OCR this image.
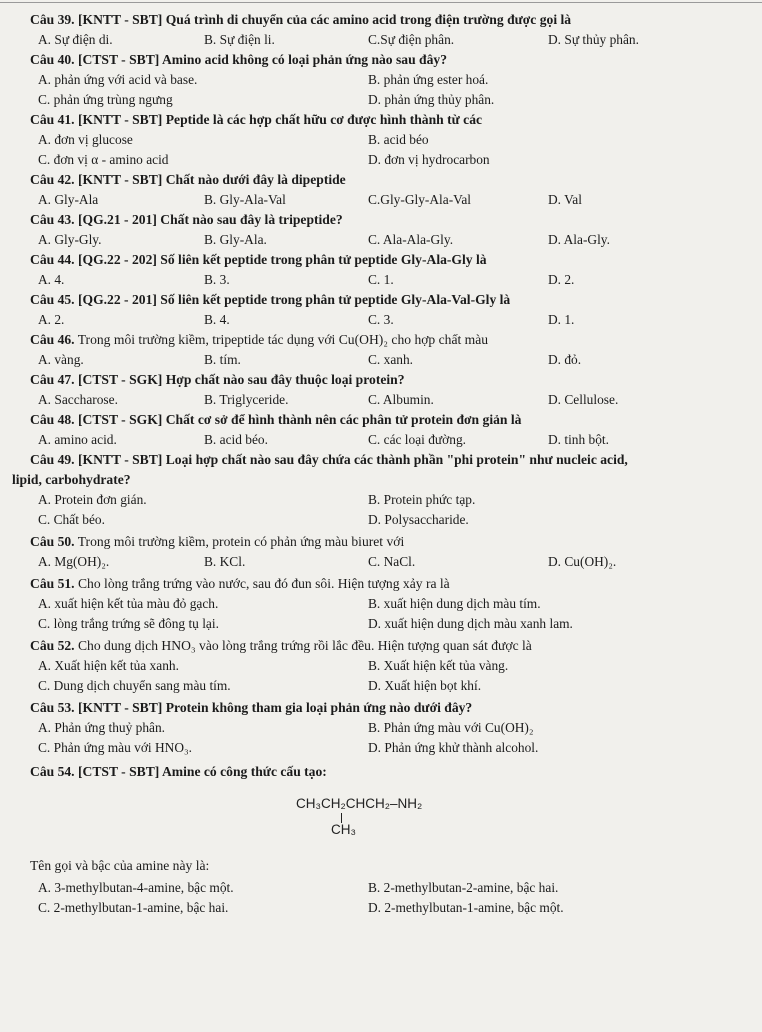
Câu 39. [KNTT - SBT] Quá trình di chuyển của các amino acid trong điện trường được gọi là
A. Sự điện di.	B. Sự điện li.	C.Sự điện phân.	D. Sự thủy phân.
Câu 40. [CTST - SBT] Amino acid không có loại phản ứng nào sau đây?
A. phản ứng với acid và base.	B. phản ứng ester hoá.
C. phản ứng trùng ngưng	D. phản ứng thủy phân.
Câu 41. [KNTT - SBT] Peptide là các hợp chất hữu cơ được hình thành từ các
A. đơn vị glucose	B. acid béo
C. đơn vị α - amino acid	D. đơn vị hydrocarbon
Câu 42. [KNTT - SBT] Chất nào dưới đây là dipeptide
A. Gly-Ala	B. Gly-Ala-Val	C.Gly-Gly-Ala-Val	D. Val
Câu 43. [QG.21 - 201] Chất nào sau đây là tripeptide?
A. Gly-Gly.	B. Gly-Ala.	C. Ala-Ala-Gly.	D. Ala-Gly.
Câu 44. [QG.22 - 202] Số liên kết peptide trong phân tử peptide Gly-Ala-Gly là
A. 4.	B. 3.	C. 1.	D. 2.
Câu 45. [QG.22 - 201] Số liên kết peptide trong phân tử peptide Gly-Ala-Val-Gly là
A. 2.	B. 4.	C. 3.	D. 1.
Câu 46. Trong môi trường kiềm, tripeptide tác dụng với Cu(OH)₂ cho hợp chất màu
A. vàng.	B. tím.	C. xanh.	D. đỏ.
Câu 47. [CTST - SGK] Hợp chất nào sau đây thuộc loại protein?
A. Saccharose.	B. Triglyceride.	C. Albumin.	D. Cellulose.
Câu 48. [CTST - SGK] Chất cơ sở để hình thành nên các phân tử protein đơn giản là
A. amino acid.	B. acid béo.	C. các loại đường.	D. tinh bột.
Câu 49. [KNTT - SBT] Loại hợp chất nào sau đây chứa các thành phần "phi protein" như nucleic acid,
lipid, carbohydrate?
A. Protein đơn gián.	B. Protein phức tạp.
C. Chất béo.	D. Polysaccharide.
Câu 50. Trong môi trường kiềm, protein có phản ứng màu biuret với
A. Mg(OH)₂.	B. KCl.	C. NaCl.	D. Cu(OH)₂.
Câu 51. Cho lòng trắng trứng vào nước, sau đó đun sôi. Hiện tượng xảy ra là
A. xuất hiện kết tủa màu đỏ gạch.	B. xuất hiện dung dịch màu tím.
C. lòng trắng trứng sẽ đông tụ lại.	D. xuất hiện dung dịch màu xanh lam.
Câu 52. Cho dung dịch HNO₃ vào lòng trắng trứng rồi lắc đều. Hiện tượng quan sát được là
A. Xuất hiện kết tủa xanh.	B. Xuất hiện kết tủa vàng.
C. Dung dịch chuyển sang màu tím.	D. Xuất hiện bọt khí.
Câu 53. [KNTT - SBT] Protein không tham gia loại phản ứng nào dưới đây?
A. Phản ứng thuỷ phân.	B. Phản ứng màu với Cu(OH)₂
C. Phản ứng màu với HNO₃.	D. Phản ứng khử thành alcohol.
Câu 54. [CTST - SBT] Amine có công thức cấu tạo:
CH₃CH₂CHCH₂–NH₂
CH₃
Tên gọi và bậc của amine này là:
A. 3-methylbutan-4-amine, bậc một.	B. 2-methylbutan-2-amine, bậc hai.
C. 2-methylbutan-1-amine, bậc hai.	D. 2-methylbutan-1-amine, bậc một.
